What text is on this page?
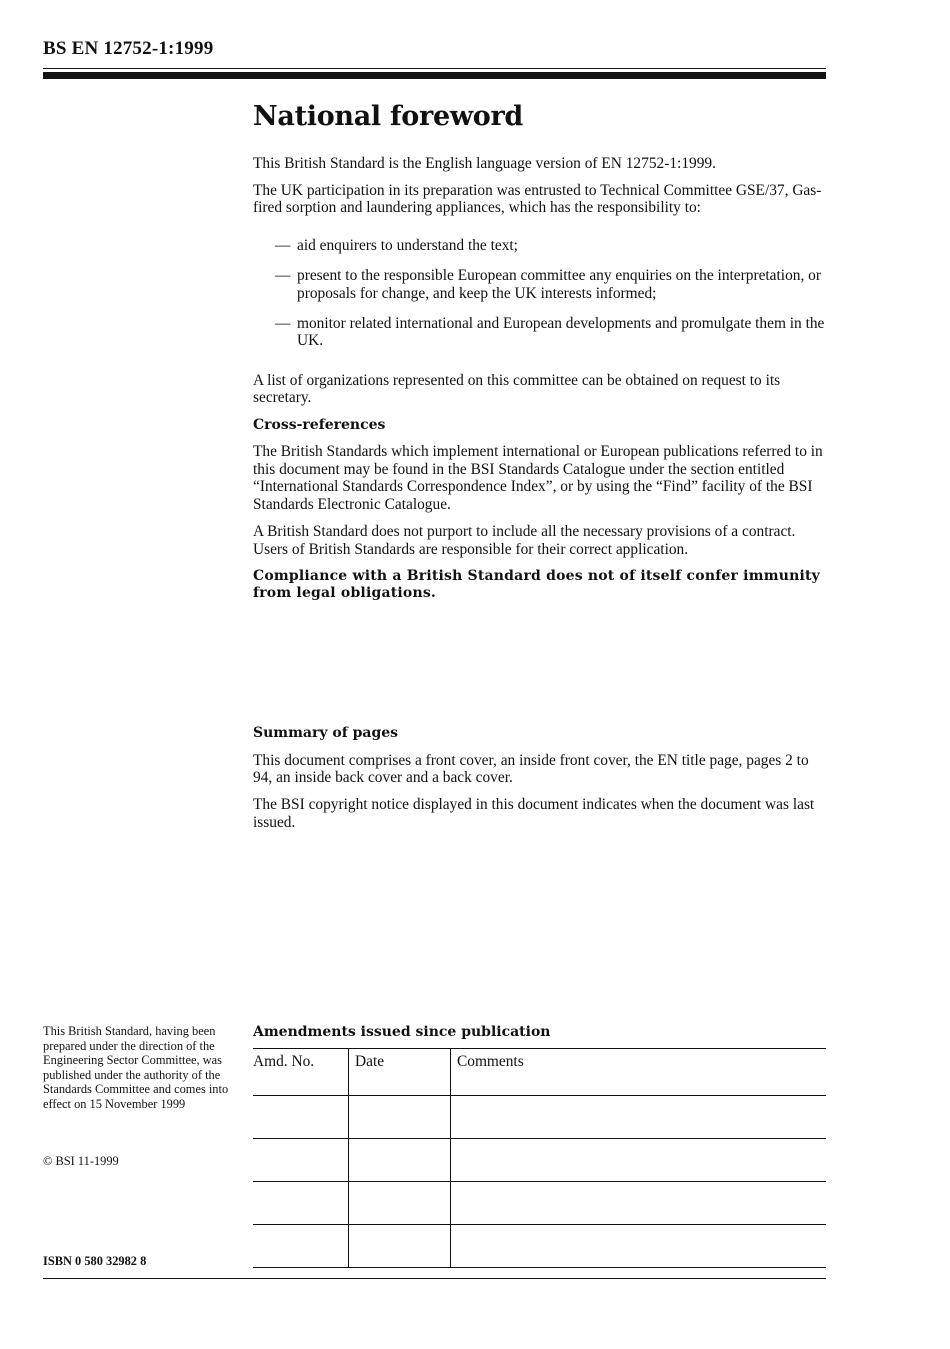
BS EN 12752-1:1999
National foreword

This British Standard is the English language version of EN 12752-1:1999.

The UK participation in its preparation was entrusted to Technical Committee GSE/37, Gas-fired sorption and laundering appliances, which has the responsibility to:

— aid enquirers to understand the text;
— present to the responsible European committee any enquiries on the interpretation, or proposals for change, and keep the UK interests informed;
— monitor related international and European developments and promulgate them in the UK.

A list of organizations represented on this committee can be obtained on request to its secretary.

Cross-references

The British Standards which implement international or European publications referred to in this document may be found in the BSI Standards Catalogue under the section entitled “International Standards Correspondence Index”, or by using the “Find” facility of the BSI Standards Electronic Catalogue.

A British Standard does not purport to include all the necessary provisions of a contract. Users of British Standards are responsible for their correct application.

Compliance with a British Standard does not of itself confer immunity from legal obligations.

Summary of pages

This document comprises a front cover, an inside front cover, the EN title page, pages 2 to 94, an inside back cover and a back cover.

The BSI copyright notice displayed in this document indicates when the document was last issued.

This British Standard, having been prepared under the direction of the Engineering Sector Committee, was published under the authority of the Standards Committee and comes into effect on 15 November 1999
© BSI 11-1999
ISBN 0 580 32982 8
Amendments issued since publication
Amd. No.	Date	Comments
